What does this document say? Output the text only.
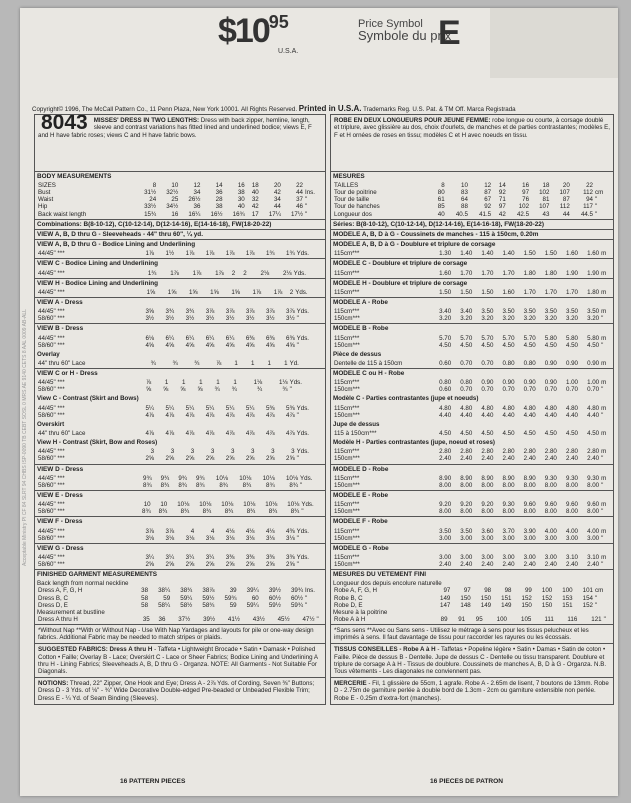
$\$10^{95}$
U.S.A.
Price Symbol
Symbole du prix
E
Copyright© 1996, The McCall Pattern Co., 11 Penn Plaza, New York 10001. All Rights Reserved. Printed in U.S.A. Trademarks Reg. U.S. Pat. & TM Off. Marca Registrada
Acceptable Ministry PI CF 84 SLRT 94 CHBS ISP-0090 TB CEBT SOSL 0 MRS AE 9140 CETS 8 AAL 0009 AB-ALL
8043 MISSES' DRESS IN TWO LENGTHS: Dress with back zipper, hemline, length, sleeve and contrast variations has fitted lined and underlined bodice; views E, F and H have fabric roses; views C and H have fabric bows.
BODY MEASUREMENTS
SIZES	8	10	12	14	16	18	20	22	
Bust	31½	32½	34	36	38	40	42	44	Ins.
Waist	24	25	26½	28	30	32	34	37	"
Hip	33½	34½	36	38	40	42	44	46	"
Back waist length	15¾	16	16¼	16½	16¾	17	17¼	17½	"
Combinations: B(8-10-12), C(10-12-14), D(12-14-16), E(14-16-18), FW(18-20-22)
VIEW A, B, D thru G - Sleeveheads - 44" thru 60", ¼ yd.
VIEW A, B, D thru G - Bodice Lining and Underlining
44/45" ***	1⅞	1½	1⅞	1⅞	1⅞	1⅞	1¾	1¾	Yds.
VIEW C - Bodice Lining and Underlining
44/45" ***	1¾	1⅞	1⅞	1⅞	2	2	2⅛	2⅛	Yds.
VIEW H - Bodice Lining and Underlining
44/45" ***	1⅝	1⅝	1⅝	1⅝	1⅝	1⅞	1⅞	2	Yds.
VIEW A - Dress
44/45" ***	3⅝	3¾	3¾	3⅞	3⅞	3⅞	3⅞	3⅞	Yds.
58/60" ***	3½	3½	3½	3½	3½	3½	3½	3½	"
VIEW B - Dress
44/45" ***	6⅛	6¼	6¼	6¼	6¼	6⅜	6⅜	6⅜	Yds.
58/60" ***	4⅝	4⅝	4⅝	4⅝	4⅝	4⅝	4⅝	4⅝	"
Overlay
44" thru 60" Lace	¾	¾	¾	⅞	1	1	1	1	Yd.
VIEW C or H - Dress
44/45" ***	⅞	1	1	1	1	1	1⅛	1⅛	Yds.
58/60" ***	⅝	⅝	⅝	⅝	¾	¾	¾	¾	"
View C - Contrast (Skirt and Bows)
44/45" ***	5¼	5¼	5¼	5¼	5¼	5¼	5⅜	5⅜	Yds.
58/60" ***	4⅞	4⅞	4⅞	4⅞	4⅞	4⅞	4⅞	4⅞	"
Overskirt
44" thru 60" Lace	4⅞	4⅞	4⅞	4⅞	4⅞	4⅞	4⅞	4⅞	Yds.
View H - Contrast (Skirt, Bow and Roses)
44/45" ***	3	3	3	3	3	3	3	3	Yds.
58/60" ***	2⅝	2⅝	2⅝	2⅝	2⅝	2⅝	2⅝	2⅝	"
VIEW D - Dress
44/45" ***	9¾	9¾	9¾	9¾	10⅛	10⅛	10⅛	10⅛	Yds.
58/60" ***	8¾	8¾	8¾	8¾	8¾	8¾	8¾	8¾	"
VIEW E - Dress
44/45" ***	10	10	10⅛	10⅛	10⅛	10⅛	10⅛	10⅛	Yds.
58/60" ***	8¾	8¾	8¾	8¾	8¾	8¾	8¾	8¾	"
VIEW F - Dress
44/45" ***	3⅞	3⅞	4	4	4⅛	4⅛	4⅛	4⅜	Yds.
58/60" ***	3⅛	3⅛	3⅛	3⅛	3⅛	3⅛	3⅛	3⅛	"
VIEW G - Dress
44/45" ***	3¼	3¼	3¼	3¼	3⅜	3⅜	3⅜	3⅜	Yds.
58/60" ***	2⅝	2⅝	2⅝	2⅝	2⅝	2⅝	2⅝	2⅝	"
FINISHED GARMENT MEASUREMENTS
Back length from normal neckline
Dress A, F, G, H	38	38¼	38¾	38⅞	39	39¼	39½	39¾	Ins.
Dress B, C	58	59	59¼	59½	59¾	60	60½	60½	"
Dress D, E	58	58¼	58½	58¾	59	59¼	59½	59¾	"
Measurement at bustline
Dress A thru H	35	36	37½	39½	41½	43½	45½	47½	"
*Without Nap **With or Without Nap - Use With Nap Yardages and layouts for pile or one-way design fabrics. Additional Fabric may be needed to match stripes or plaids.
SUGGESTED FABRICS: Dress A thru H - Taffeta • Lightweight Brocade • Satin • Damask • Polished Cotton • Faille; Overlay B - Lace; Overskirt C - Lace or Sheer Fabrics; Bodice Lining and Underlining A thru H - Lining Fabrics; Sleeveheads A, B, D thru G - Organza. NOTE: All Garments - Not Suitable For Diagonals.
NOTIONS: Thread, 22" Zipper, One Hook and Eye; Dress A - 2⅞ Yds. of Cording, Seven ⅜" Buttons; Dress D - 3 Yds. of ⅛" - ¾" Wide Decorative Double-edged Pre-beaded or Unbeaded Flexible Trim; Dress E - ¼ Yd. of Seam Binding (Sleeves).
ROBE EN DEUX LONGUEURS POUR JEUNE FEMME: robe longue ou courte, à corsage doublé et triplure, avec glissière au dos, choix d'ourlets, de manches et de parties contrastantes; modèles E, F et H ornées de roses en tissu; modèles C et H avec noeuds en tissu.
MESURES
TAILLES	8	10	12	14	16	18	20	22	
Tour de poitrine	80	83	87	92	97	102	107	112	cm
Tour de taille	61	64	67	71	76	81	87	94	"
Tour de hanches	85	88	92	97	102	107	112	117	"
Longueur dos	40	40.5	41.5	42	42.5	43	44	44.5	"
Séries: B(8-10-12), C(10-12-14), D(12-14-16), E(14-16-18), FW(18-20-22)
MODELE A, B, D à G - Coussinets de manches - 115 à 150cm, 0.20m
MODELE A, B, D à G - Doublure et triplure de corsage
115cm***	1.30	1.40	1.40	1.40	1.50	1.50	1.60	1.60	m
MODELE C - Doublure et triplure de corsage
115cm***	1.60	1.70	1.70	1.70	1.80	1.80	1.90	1.90	m
MODELE H - Doublure et triplure de corsage
115cm***	1.50	1.50	1.50	1.60	1.70	1.70	1.70	1.80	m
MODELE A - Robe
115cm***	3.40	3.40	3.50	3.50	3.50	3.50	3.50	3.50	m
150cm***	3.20	3.20	3.20	3.20	3.20	3.20	3.20	3.20	"
MODELE B - Robe
115cm***	5.70	5.70	5.70	5.70	5.70	5.80	5.80	5.80	m
150cm***	4.50	4.50	4.50	4.50	4.50	4.50	4.50	4.50	"
Pièce de dessus
Dentelle de 115 à 150cm	0.60	0.70	0.70	0.80	0.80	0.90	0.90	0.90	m
MODELE C ou H - Robe
115cm***	0.80	0.80	0.90	0.90	0.90	0.90	1.00	1.00	m
150cm***	0.60	0.70	0.70	0.70	0.70	0.70	0.70	0.70	"
Modèle C - Parties contrastantes (jupe et noeuds)
115cm***	4.80	4.80	4.80	4.80	4.80	4.80	4.80	4.80	m
150cm***	4.40	4.40	4.40	4.40	4.40	4.40	4.40	4.40	"
Jupe de dessus
115 à 150cm***	4.50	4.50	4.50	4.50	4.50	4.50	4.50	4.50	m
Modèle H - Parties contrastantes (jupe, noeud et roses)
115cm***	2.80	2.80	2.80	2.80	2.80	2.80	2.80	2.80	m
150cm***	2.40	2.40	2.40	2.40	2.40	2.40	2.40	2.40	"
MODELE D - Robe
115cm***	8.90	8.90	8.90	8.90	8.90	9.30	9.30	9.30	m
150cm***	8.00	8.00	8.00	8.00	8.00	8.00	8.00	8.00	"
MODELE E - Robe
115cm***	9.20	9.20	9.20	9.30	9.60	9.60	9.60	9.60	m
150cm***	8.00	8.00	8.00	8.00	8.00	8.00	8.00	8.00	"
MODELE F - Robe
115cm***	3.50	3.50	3.60	3.70	3.90	4.00	4.00	4.00	m
150cm***	3.00	3.00	3.00	3.00	3.00	3.00	3.00	3.00	"
MODELE G - Robe
115cm***	3.00	3.00	3.00	3.00	3.00	3.00	3.10	3.10	m
150cm***	2.40	2.40	2.40	2.40	2.40	2.40	2.40	2.40	"
MESURES DU VETEMENT FINI
Longueur dos depuis encolure naturelle
Robe A, F, G, H	97	97	98	98	99	100	100	101	cm
Robe B, C	149	150	150	151	152	152	153	154	"
Robe D, E	147	148	149	149	150	150	151	152	"
Mesure à la poitrine
Robe A à H	89	91	95	100	105	111	116	121	"
*Sans sens **Avec ou Sans sens - Utilisez le métrage à sens pour les tissus pelucheux et les imprimés à sens. Il faut davantage de tissu pour raccorder les rayures ou les écossais.
TISSUS CONSEILLES - Robe A à H - Taffetas • Popeline légère • Satin • Damas • Satin de coton • Faille. Pièce de dessus B - Dentelle. Jupe de dessus C - Dentelle ou tissu transparent. Doublure et triplure de corsage A à H - Tissus de doublure. Coussinets de manches A, B, D à G - Organza. N.B. Tous vêtements - Les diagonales ne conviennent pas.
MERCERIE - Fil, 1 glissière de 55cm, 1 agrafe. Robe A - 2.65m de lisent, 7 boutons de 13mm. Robe D - 2.75m de garniture perlée à double bord de 1.3cm - 2cm ou garniture extensible non perlée. Robe E - 0.25m d'extra-fort (manches).
16 PATTERN PIECES	16 PIECES DE PATRON
